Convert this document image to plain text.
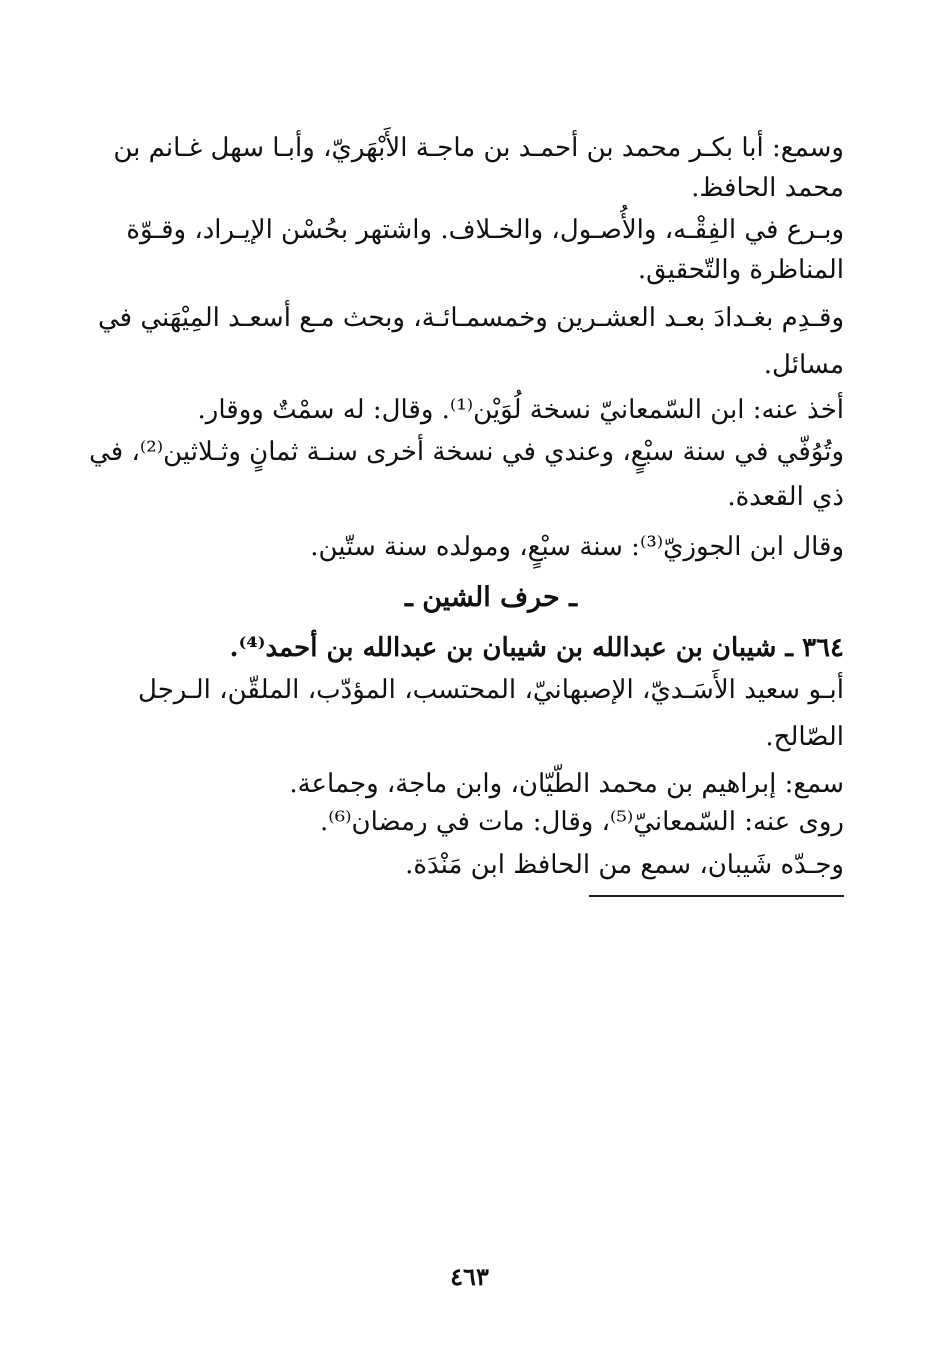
وسمع: أبا بكـر محمد بن أحمـد بن ماجـة الأَبْهَريّ، وأبـا سهل غـانم بن
محمد الحافظ.
وبـرع في الفِقْـه، والأُصـول، والخـلاف. واشتهر بحُسْن الإيـراد، وقـوّة
المناظرة والتّحقيق.
وقـدِم بغـدادَ بعـد العشـرين وخمسمـائـة، وبحث مـع أسعـد المِيْهَني في
مسائل.
أخذ عنه: ابن السّمعانيّ نسخة لُوَيْن⁽¹⁾. وقال: له سمْتٌ ووقار.
وتُوُفّي في سنة سبْعٍ، وعندي في نسخة أخرى سنـة ثمانٍ وثـلاثين⁽²⁾، في
ذي القعدة.
وقال ابن الجوزيّ⁽³⁾: سنة سبْعٍ، ومولده سنة ستّين.
ـ حرف الشين ـ
٣٦٤ ـ شيبان بن عبدالله بن شيبان بن عبدالله بن أحمد⁽⁴⁾.
أبـو سعيد الأَسَـديّ، الإصبهانيّ، المحتسب، المؤدّب، الملقّن، الـرجل
الصّالح.
سمع: إبراهيم بن محمد الطّيّان، وابن ماجة، وجماعة.
روى عنه: السّمعانيّ⁽⁵⁾، وقال: مات في رمضان⁽⁶⁾.
وجـدّه شَيبان، سمع من الحافظ ابن مَنْدَة.
٤٦٣
